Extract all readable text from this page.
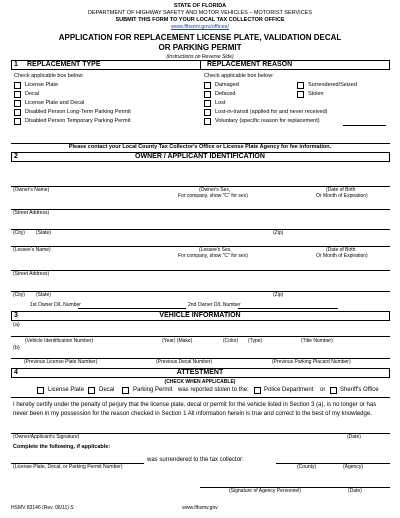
STATE OF FLORIDA
DEPARTMENT OF HIGHWAY SAFETY AND MOTOR VEHICLES – MOTORIST SERVICES
SUBMIT THIS FORM TO YOUR LOCAL TAX COLLECTOR OFFICE
www.flhsmv.gov/offices/
APPLICATION FOR REPLACEMENT LICENSE PLATE, VALIDATION DECAL
OR PARKING PERMIT
(Instructions on Reverse Side)
1 REPLACEMENT TYPE	REPLACEMENT REASON
Check applicable box below:	Check applicable box below:
License Plate
Decal
License Plate and Decal
Disabled Person Long-Term Parking Permit
Disabled Person Temporary Parking Permit
Damaged
Defaced
Lost
Lost-in-transit (applied for and never received)
Voluntary (specific reason for replacement)
Surrendered/Seized
Stolen
Please contact your Local County Tax Collector's Office or License Plate Agency for fee information.
2	OWNER / APPLICANT IDENTIFICATION
(Owner's Name)	(Owner's Sex,
For company, show "C" for sex)
(Date of Birth
Or Month of Expiration)
(Street Address)
(City) (State)	(Zip)
(Lessee's Name)	(Lessee's Sex,
For company, show "C" for sex)
(Date of Birth
Or Month of Expiration)
(Street Address)
(City) (State)	(Zip)
1st Owner D/L Number	2nd Owner D/L Number
3	VEHICLE INFORMATION
(a)
(Vehicle Identification Number)	(Year) (Make)	(Color) (Type)	(Title Number)
(b)
(Previous License Plate Number)	(Previous Decal Number)	(Previous Parking Placard Number)
4	ATTESTMENT
(CHECK WHEN APPLICABLE)
License Plate Decal	Parking Permit was reported stolen to the:	Police Department or Sheriff's Office
I hereby certify under the penalty of perjury that the license plate, decal or permit for the vehicle listed in Section 3 (a), is no longer or has never been in my possession for the reason checked in Section 1 All information herein is true and correct to the best of my knowledge.
(Owner/Applicant's Signature)	(Date)
Complete the following, if applicable:
was surrendered to the tax collector:
(License Plate, Decal, or Parking Permit Number)	(County)	(Agency)
(Signature of Agency Personnel)	(Date)
HSMV 83146 (Rev. 06/11) S	www.flhsmv.gov
